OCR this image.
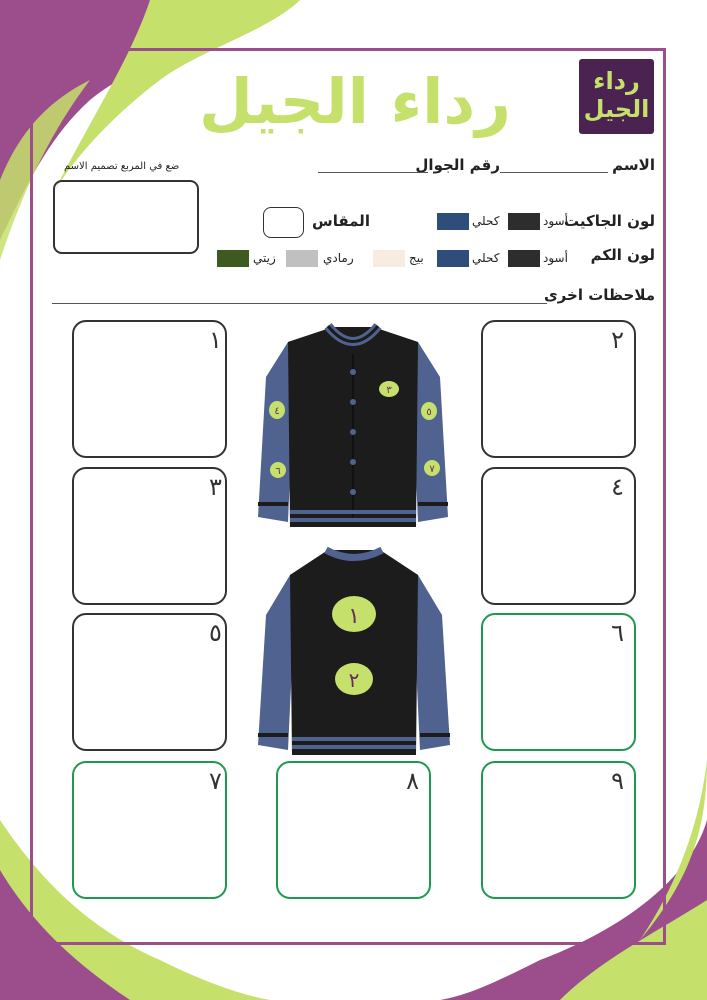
رداء
الجيل
رداء الجيل
الاسم
رقم الجوال
ضع في المربع تصميم الاسم
المقاس	لون الجاكيت
أسود
كحلي
لون الكم
أسود
كحلي
بيج
رمادي
زيتي
ملاحظات اخرى
١	٢
٣	٤
٥	٦
٧	٨	٩
٣
٤	٥
٦	٧
١
٢
